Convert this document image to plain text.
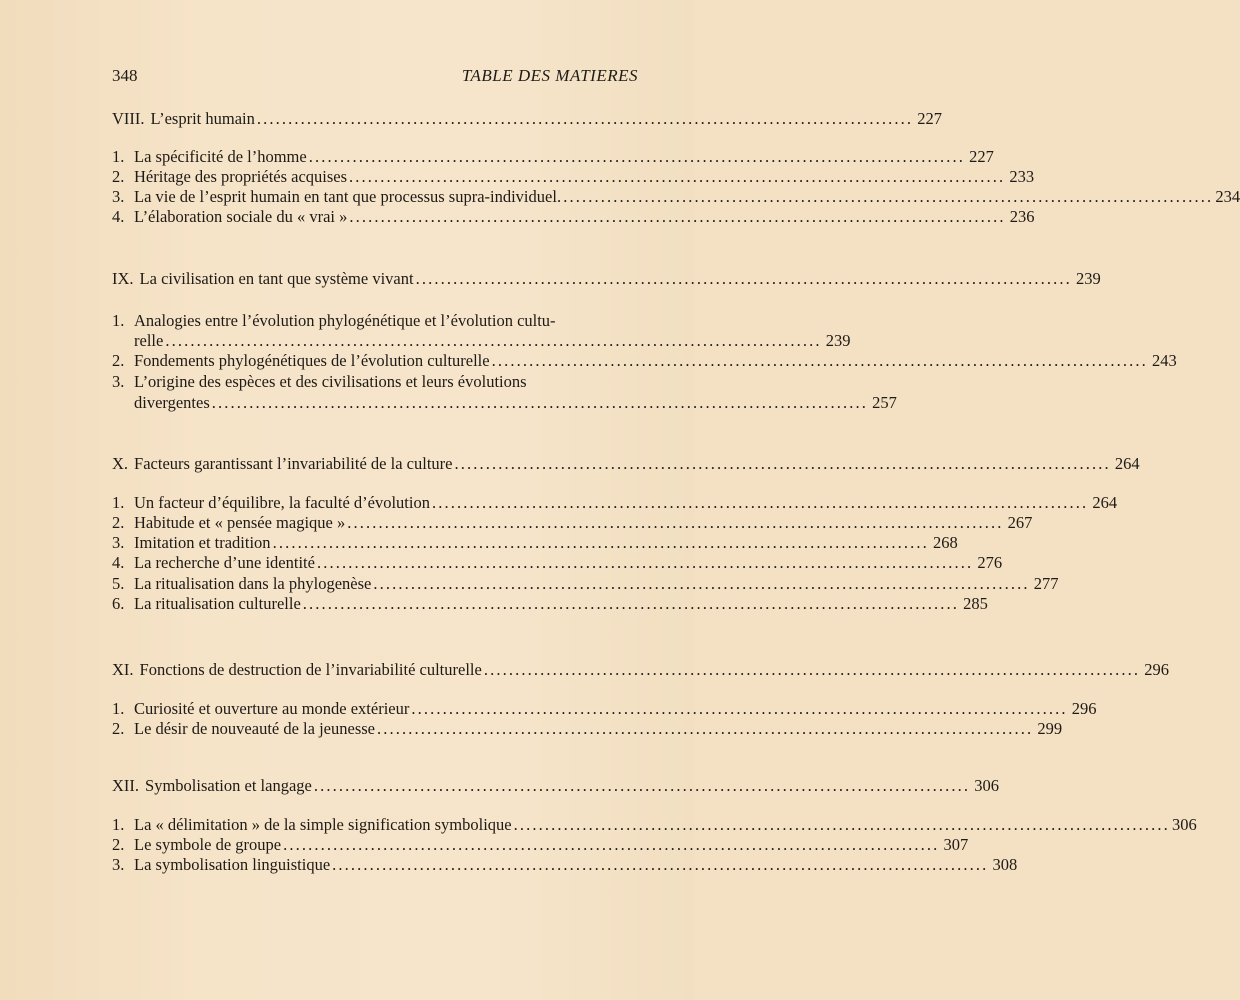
348	TABLE DES MATIERES
VIII. L’esprit humain . . .	227
1. La spécificité de l’homme . . .	227
2. Héritage des propriétés acquises . . .	233
3. La vie de l’esprit humain en tant que processus supra-individuel . . .	234
4. L’élaboration sociale du « vrai » . . .	236
IX. La civilisation en tant que système vivant . . .	239
1. Analogies entre l’évolution phylogénétique et l’évolution cultu-
relle . . .	239
2. Fondements phylogénétiques de l’évolution culturelle . . .	243
3. L’origine des espèces et des civilisations et leurs évolutions
divergentes . . .	257
X. Facteurs garantissant l’invariabilité de la culture . . .	264
1. Un facteur d’équilibre, la faculté d’évolution . . .	264
2. Habitude et « pensée magique » . . .	267
3. Imitation et tradition . . .	268
4. La recherche d’une identité . . .	276
5. La ritualisation dans la phylogenèse . . .	277
6. La ritualisation culturelle . . .	285
XI. Fonctions de destruction de l’invariabilité culturelle . . .	296
1. Curiosité et ouverture au monde extérieur . . .	296
2. Le désir de nouveauté de la jeunesse . . .	299
XII. Symbolisation et langage . . .	306
1. La « délimitation » de la simple signification symbolique . . .	306
2. Le symbole de groupe . . .	307
3. La symbolisation linguistique . . .	308
